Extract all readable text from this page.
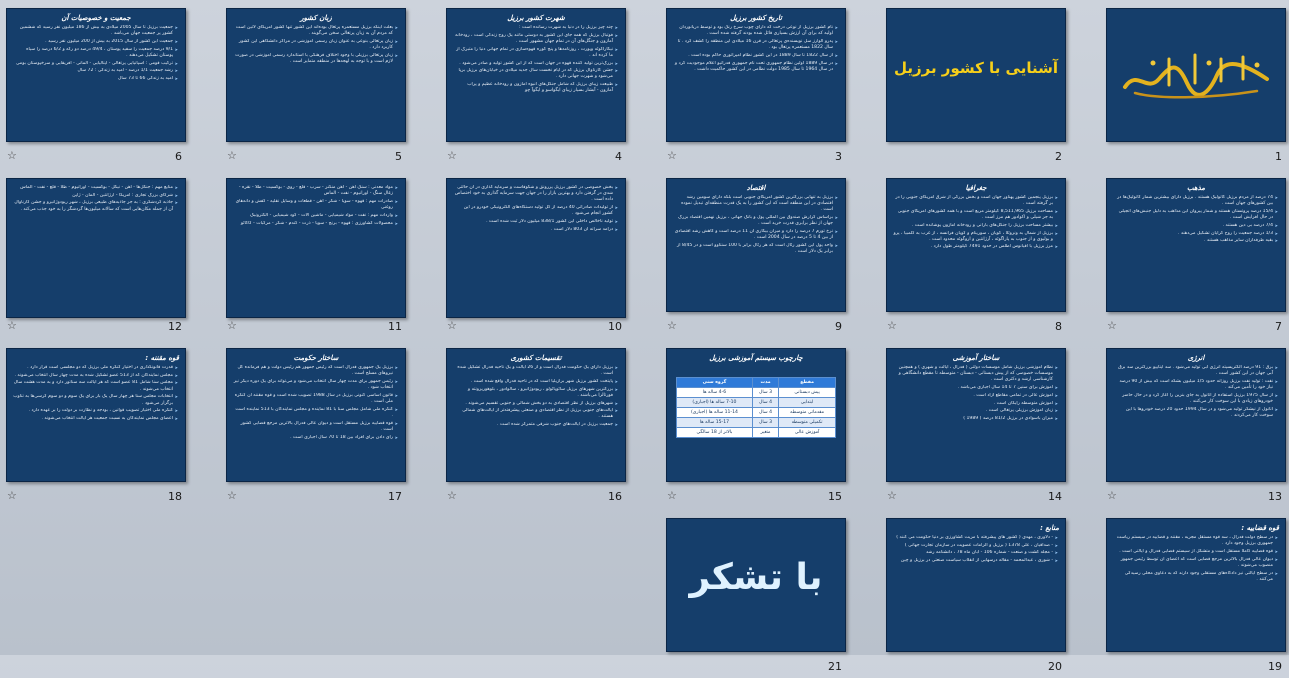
1
آشنایی با کشور برزیل
2
تاریخ کشور برزیل
➤ نام کشور برزیل از نوعی درخت که دارای چوب سرخ رنگ بود و توسط دریانوردان اولیه که برای آن ارزش بسیاری قائل شده بودند گرفته شده است .
➤ پدرو آلوارز سل نویسنده‌ی پرتغالی در قرن 16 میلادی این منطقه را کشف کرد . تا سال 1822 مستعمره پرتغال بود .
➤ از سال 1822 تا سال 1889 در این کشور نظام امپراتوری حاکم بوده است .
➤ در سال 1889 اولین نظام جمهوری تحت نام جمهوری فدراتیو اعلام موجودیت کرد و در سال 1964 تا سال 1985 دولت نظامی در این کشور حاکمیت داشت .
3
☆
شهرت کشور برزیل
➤ چند چیز برزیل را در دنیا به شهرت رسانده است :
➤ فوتبال برزیل که همه جای این کشور به دوستی مانند یک روح زندگی است ، رودخانه آمازون و جنگل‌های آن در تمام جهان مشهور است .
➤ نیکاراگوئه وپورت ، روزنامه‌ها و پنج کوره قهوه‌سازی در تمام جهانی دنیا را متبرک از ما کرده اند .
➤ بزرگ‌ترین تولید کننده قهوه در جهان است که از این کشور تولید و صادر می‌شود .
➤ جشن کارناوال برزیل که در ایام نخست سال جدید میلادی در خیابان‌های برزیل برپا می‌شود و شهرت جهانی دارد .
➤ طبیعت زیبای برزیل که شامل جنگل‌های انبوه آمازون و رودخانه عظیم و پرآب آمازون - آبشار بسیار زیبای ایگواسو و ایگوآ چو
4
☆
زبان کشور
➤ بعلت اینکه برزیل مستعمره پرتغال بوده‌اند این کشور تنها کشور آمریکای لاتین است که مردم آن به زبان پرتغالی سخن می‌گویند .
➤ زبان پرتغالی بنوعی به عنوان زبان رسمی آموزشی در مراکز دانشگاهی این کشور کاربرد دارد .
➤ زبان پرتغالی برزیلی با وجود اختلاف فرهنگی با استاندارد رسمی آموزشی در صورت لازم است و با توجه به لهجه‌ها در منطقه متمایز است .
5
☆
جمعیت و خصوصیات آن
➤ جمعیت برزیل تا سال 2005 میلادی به بیش از 186 میلیون نفر رسید که ششمین کشور پر جمعیت جهان می‌باشد .
➤ جمعیت این کشور از سال 2015 به بیش از 200 میلیون نفر رسید .
➤ 9/1 درصد جمعیت را سفید پوستان ، 49/4 درصد دو رگه و 6/2 درصد را سیاه پوستان تشکیل می‌دهند .
➤ ترکیب قومی : اسپانیایی پرتغالی - ایتالیایی - آلمانی - آفریقایی و سرخپوستان بومی
➤ رشد جمعیت 1/1 درصد - امید به زندگی : 72 سال
➤ امید به زندگی 66 تا 73 سال
6
☆
مذهب
➤ 74 درصد از مردم برزیل کاتولیک هستند . برزیل دارای بیشترین شمار کاتولیک‌ها در بین کشورهای جهان است .
➤ 15/4 درصد پروتستان هستند و شمار پیروان این مذاهب به دلیل جنبش‌های انجیلی در حال افزایش است .
➤ 7/4 درصد بی دین هستند .
➤ 1/3 درصد جمعیت را روح گرایان تشکیل می‌دهند .
➤ بقیه طرفداران سایر مذاهب هستند .
7
☆
جغرافیا
➤ برزیل پنجمین کشور پهناور جهان است و بخش بزرگی از شرق آمریکای جنوبی را در بر گرفته است .
➤ مساحت برزیل 8,511,965 کیلومتر مربع است و با همه کشورهای آمریکای جنوبی به جز شیلی و اکوادور هم مرز است .
➤ بیشتر مساحت برزیل را جنگل‌های بارانی و رودخانه آمازون پوشانده است .
➤ برزیل از شمال به ونزوئلا ، گویان ، سورینام و گویان فرانسه ، از غرب به کلمبیا ، پرو و بولیوی و از جنوب به پاراگوئه ، آرژانتین و اروگوئه محدود است .
➤ مرز برزیل با اقیانوس اطلس در حدود 7491 کیلومتر طول دارد .
8
☆
اقتصاد
➤ برزیل به تنهایی بزرگترین کشور آمریکای جنوبی است بلکه دارای سومین رشد اقتصادی در این منطقه است که این کشور را به یک قدرت منطقه‌ای تبدیل نموده است .
➤ براساس گزارش صندوق بین المللی پول و بانک جهانی ، برزیل نهمین اقتصاد بزرگ جهان از نظر برابری قدرت خرید است .
➤ نرخ تورم 7 درصد را دارد و میزان بیکاری آن 11 درصد است و کاهش رشد اقتصادی از بین 4 تا 5 درصد در سال 2004 است .
➤ واحد پول این کشور رئال است که هر رئال برابر با 100 سنتاوو است و در 8/45 از برابر یک دلار است .
9
☆
➤ بخش خصوصی در کشور برزیل پررونق و شکوفاست و سرمایه گذاری در آن حالتی شدی در گرفتن دارد و بهترین بازار را در جهان جهت سرمایه گذاری به خود اختصاص داده است .
➤ از تولیدات صادراتی 40 درصد از کل تولید دستگاه‌های الکترونیکی خودرو در این کشور انجام می‌شود .
➤ تولید ناخالص داخلی این کشور 838/1 میلیون دلار ثبت شده است .
➤ درآمد سرانه آن 803 دلار است .
10
☆
➤ مواد معدنی : سنگ آهن - آهن منگنز - سرب - قلع - روی - بوکسیت - طلا - نقره - زغال سنگ - اورانیوم - نفت - الماس
➤ صادرات مهم : قهوه - سویا - شکر - آهن - قطعات و وسایل نقلیه - کفش و دانه‌های روغنی
➤ واردات مهم : نفت - مواد شیمیایی - ماشین آلات - کود شیمیایی - الکترونیک
➤ محصولات کشاورزی : قهوه - برنج - سویا - ذرت - گندم - شکر - مرکبات - کاکائو
11
☆
➤ منابع مهم : جنگل‌ها - آهن - نیکل - بوکسیت - اورانیوم - طلا - قلع - نفت - الماس
➤ شرکای بزرگ تجاری : آمریکا - آرژانتین - آلمان - ژاپن
➤ جاذبه گردشگری : به جز جاذبه‌های طبیعی برزیل ، شهر ریودوژانیرو و جشن کارناوال آن از جمله مکان‌هایی است که سالانه میلیون‌ها گردشگر را به خود جذب می‌کند .
12
☆
انرژی
➤ برق : 91 درصد الکتریسیته انرژی آبی تولید می‌شود . سد ایتایپو بزرگترین سد برق آبی جهان در این کشور است .
➤ نفت : تولید نفت برزیل روزانه حدود 1/5 میلیون بشکه است که بیش از 90 درصد نیاز خود را تأمین می‌کند .
➤ از سال 1975 برزیل استفاده از اتانول به جای بنزین را آغاز کرد و در حال حاضر خودروهای زیادی با این سوخت کار می‌کنند .
➤ اتانول از نیشکر تولید می‌شود و در سال 1994 حدود 20 درصد خودروها با این سوخت کار می‌کردند .
13
☆
ساختار آموزشی
➤ نظام آموزشی برزیل شامل موسسات دولتی ( فدرال ، ایالت و شهری ) و همچنین موسسات خصوصی که از پیش دبستانی - دبستان - متوسطه تا مقطع دانشگاهی و کارشناسی ارشد و دکتری است .
➤ آموزش برای سنین 7 تا 14 سال اجباری می‌باشد .
➤ آموزش عالی در تمامی مقاطع آزاد است .
➤ آموزش متوسطه رایگان است .
➤ زبان آموزش برزیلی پرتغالی است .
➤ میزان باسوادی در برزیل 81/2 درصد ( 1989 )
14
☆
چارچوب سیستم آموزشی برزیل
مقطع	مدت	گروه سنی
پیش دبستانی	3 سال	4-6 ساله ها
ابتدایی	4 سال	7-10 ساله ها (اجباری)
مقدماتی متوسطه	4 سال	11-14 ساله ها (اجباری)
تکمیلی متوسطه	3 سال	15-17 ساله ها
آموزش عالی	متغیر	بالاتر از 18 سالگی
15
☆
تقسیمات کشوری
➤ برزیل دارای یک حکومت فدرال است و از 26 ایالت و یک ناحیه فدرال تشکیل شده است .
➤ پایتخت کشور برزیل شهر برازیلیا است که در ناحیه فدرال واقع شده است .
➤ بزرگترین شهرهای برزیل سائوپائولو ، ریودوژانیرو ، سالوادور ، بلوهوریزونته و فورتالزا می‌باشند .
➤ شهرهای برزیل از نظر اقتصادی به دو بخش شمالی و جنوبی تقسیم می‌شوند .
➤ ایالت‌های جنوبی برزیل از نظر اقتصادی و صنعتی پیشرفته‌تر از ایالت‌های شمالی هستند .
➤ جمعیت برزیل در ایالت‌های جنوب شرقی متمرکز شده است .
16
☆
ساختار حکومت
➤ برزیل یک جمهوری فدرال است که رئیس جمهور هم رئیس دولت و هم فرمانده کل نیروهای مسلح است .
➤ رئیس جمهور برای مدت چهار سال انتخاب می‌شود و می‌تواند برای یک دوره دیگر نیز انتخاب شود .
➤ قانون اساسی کنونی برزیل در سال 1988 تصویب شده است و قوه مقننه آن کنگره ملی است .
➤ کنگره ملی شامل مجلس سنا با 81 نماینده و مجلس نمایندگان با 513 نماینده است .
➤ قوه قضاییه برزیل مستقل است و دیوان عالی فدرال بالاترین مرجع قضایی کشور است .
➤ رأی دادن برای افراد بین 18 تا 70 سال اجباری است .
17
☆
قوه مقننه :
➤ قدرت قانونگذاری در اختیار کنگره ملی برزیل که دو مجلسی است قرار دارد .
➤ مجلس نمایندگان که از 513 عضو تشکیل شده به مدت چهار سال انتخاب می‌شوند .
➤ مجلس سنا شامل 81 عضو است که هر ایالت سه سناتور دارد و به مدت هشت سال انتخاب می‌شوند .
➤ انتخابات مجلس سنا هر چهار سال یک بار برای یک سوم و دو سوم کرسی‌ها به تناوب برگزار می‌شود .
➤ کنگره ملی اختیار تصویب قوانین ، بودجه و نظارت بر دولت را بر عهده دارد .
➤ اعضای مجلس نمایندگان به نسبت جمعیت هر ایالت انتخاب می‌شوند .
18
☆
قوه قضاییه :
➤ در سطح دولت فدرال ، سه قوه مستقل مجریه ، مقننه و قضاییه در سیستم ریاست جمهوری برزیل وجود دارد .
➤ قوه قضاییه کاملاً مستقل است و متشکل از سیستم قضایی فدرال و ایالتی است .
➤ دیوان عالی فدرال بالاترین مرجع قضایی است که اعضای آن توسط رئیس جمهور منصوب می‌شوند .
➤ در سطح ایالتی نیز دادگاه‌های مستقلی وجود دارند که به دعاوی محلی رسیدگی می‌کنند .
19
منابع :
➤ - دلاوری ، مهدی ( کشور های پیشرفته با مزیت کشاورزی بر دنیا حکومت می کنند )
➤ - صداقیان ، علی 1378 ( برزیل و الزامات عضویت در سازمان تجارت جهانی )
➤ - مجله کشت و صنعت - شماره 106 - آبان ماه 78 ، دانشنامه رشد
➤ - شوری ، عبدالمحمد - مقاله درسهایی از انقلاب سیاست صنعتی در برزیل و چین
20
با تشکر
21
